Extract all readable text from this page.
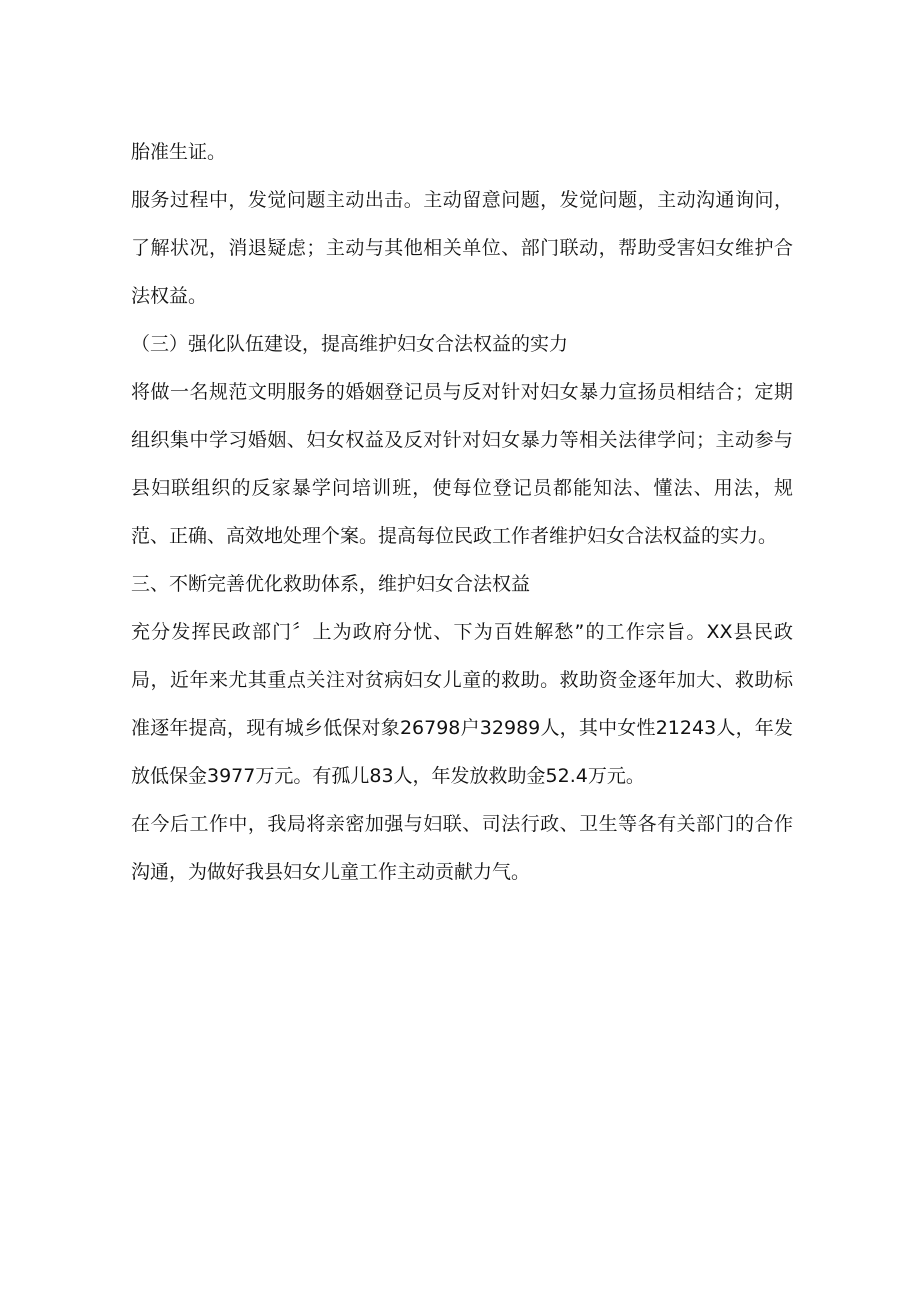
胎准生证。

服务过程中，发觉问题主动出击。主动留意问题，发觉问题，主动沟通询问，了解状况，消退疑虑；主动与其他相关单位、部门联动，帮助受害妇女维护合法权益。

（三）强化队伍建设，提高维护妇女合法权益的实力

将做一名规范文明服务的婚姻登记员与反对针对妇女暴力宣扬员相结合；定期组织集中学习婚姻、妇女权益及反对针对妇女暴力等相关法律学问；主动参与县妇联组织的反家暴学问培训班，使每位登记员都能知法、懂法、用法，规范、正确、高效地处理个案。提高每位民政工作者维护妇女合法权益的实力。

三、不断完善优化救助体系，维护妇女合法权益

充分发挥民政部门〞上为政府分忧、下为百姓解愁”的工作宗旨。XX县民政局，近年来尤其重点关注对贫病妇女儿童的救助。救助资金逐年加大、救助标准逐年提高，现有城乡低保对象26798户32989人，其中女性21243人，年发放低保金3977万元。有孤儿83人，年发放救助金52.4万元。

在今后工作中，我局将亲密加强与妇联、司法行政、卫生等各有关部门的合作沟通，为做好我县妇女儿童工作主动贡献力气。
